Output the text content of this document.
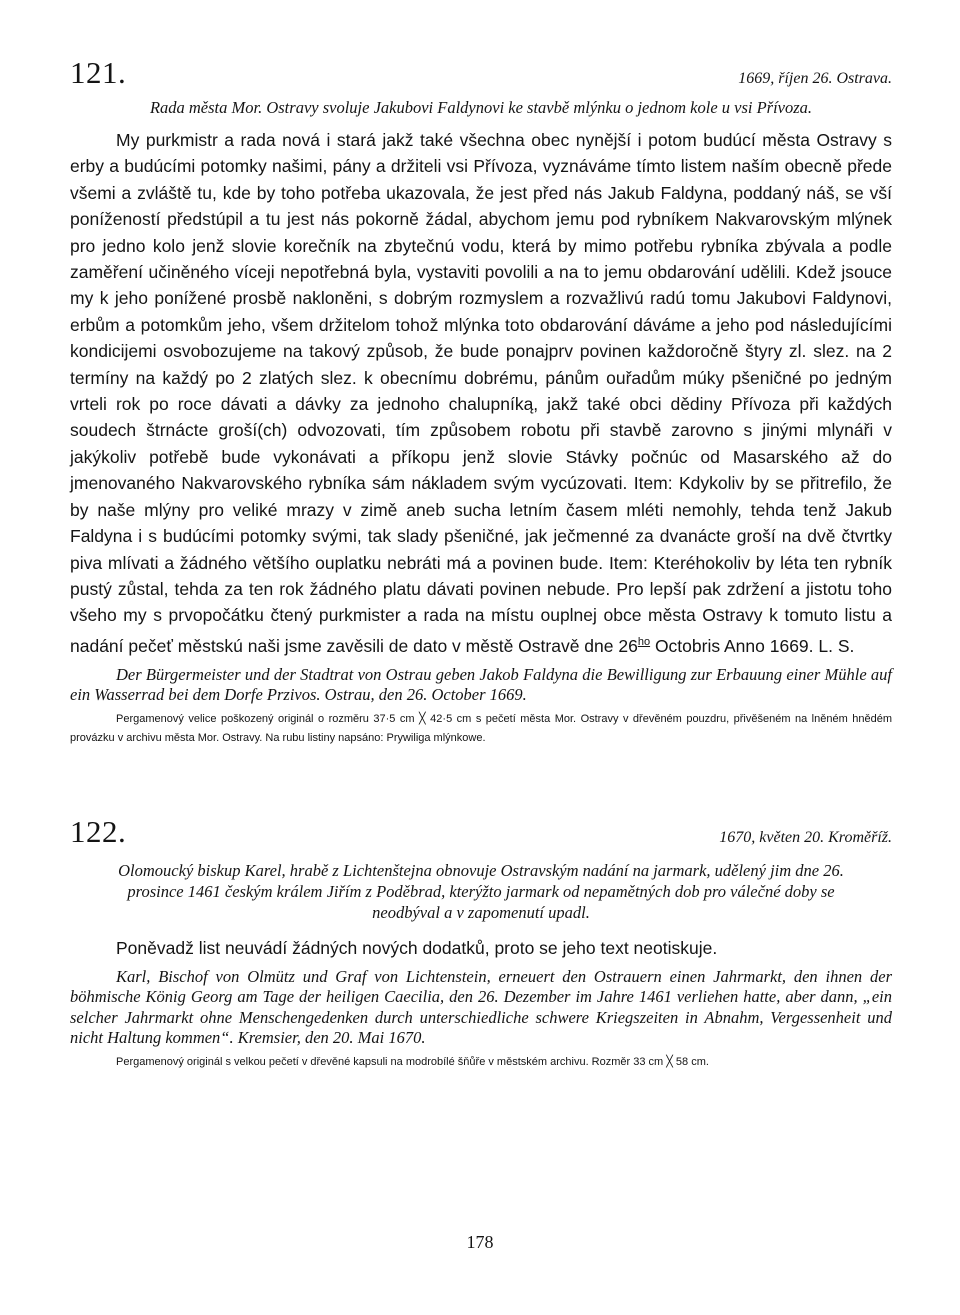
121.	1669, říjen 26. Ostrava.
Rada města Mor. Ostravy svoluje Jakubovi Faldynovi ke stavbě mlýnku o jednom kole u vsi Přívoza.

My purkmistr a rada nová i stará jakž také všechna obec nynější i potom budúcí města Ostravy s erby a budúcími potomky našimi, pány a držiteli vsi Přívoza, vyznáváme tímto listem naším obecně přede všemi a zvláště tu, kde by toho potřeba ukazovala, že jest před nás Jakub Faldyna, poddaný náš, se vší ponížeností předstúpil a tu jest nás pokorně žádal, abychom jemu pod rybníkem Nakvarovským mlýnek pro jedno kolo jenž slovie korečník na zbytečnú vodu, která by mimo potřebu rybníka zbývala a podle zaměření učiněného víceji nepotřebná byla, vystaviti povolili a na to jemu obdarování udělili. Kdež jsouce my k jeho ponížené prosbě nakloněni, s dobrým rozmyslem a rozvažlivú radú tomu Jakubovi Faldynovi, erbům a potomkům jeho, všem držitelom tohož mlýnka toto obdarování dáváme a jeho pod následujícími kondicijemi osvobozujeme na takový způsob, že bude ponajprv povinen každoročně štyry zl. slez. na 2 termíny na každý po 2 zlatých slez. k obecnímu dobrému, pánům ouřadům múky pšeničné po jedným vrteli rok po roce dávati a dávky za jednoho chalupníką, jakž také obci dědiny Přívoza při každých soudech štrnácte groší(ch) odvozovati, tím způsobem robotu při stavbě zarovno s jinými mlynáři v jakýkoliv potřebě bude vykonávati a příkopu jenž slovie Stávky počnúc od Masarského až do jmenovaného Nakvarovského rybníka sám nákladem svým vycúzovati. Item: Kdykoliv by se přitrefilo, že by naše mlýny pro veliké mrazy v zimě aneb sucha letním časem mléti nemohly, tehda tenž Jakub Faldyna i s budúcími potomky svými, tak slady pšeničné, jak ječmenné za dvanácte groší na dvě čtvrtky piva mlívati a žádného většího ouplatku nebráti má a povinen bude. Item: Kteréhokoliv by léta ten rybník pustý zůstal, tehda za ten rok žádného platu dávati povinen nebude. Pro lepší pak zdržení a jistotu toho všeho my s prvopočátku čtený purkmister a rada na místu ouplnej obce města Ostravy k tomuto listu a nadání pečeť městskú naši jsme zavěsili de dato v městě Ostravě dne $26^{ho}$ Octobris Anno 1669. L. S.

Der Bürgermeister und der Stadtrat von Ostrau geben Jakob Faldyna die Bewilligung zur Erbauung einer Mühle auf ein Wasserrad bei dem Dorfe Przivos. Ostrau, den 26. October 1669.

Pergamenový velice poškozený originál o rozměru 37·5 cm ╳ 42·5 cm s pečetí města Mor. Ostravy v dřevěném pouzdru, přivěšeném na lněném hnědém provázku v archivu města Mor. Ostravy. Na rubu listiny napsáno: Prywiliga mlýnkowe.

122.	1670, květen 20. Kroměříž.
Olomoucký biskup Karel, hrabě z Lichtenštejna obnovuje Ostravským nadání na jarmark, udělený jim dne 26. prosince 1461 českým králem Jiřím z Poděbrad, kterýžto jarmark od nepamětných dob pro válečné doby se neodbýval a v zapomenutí upadl.

Poněvadž list neuvádí žádných nových dodatků, proto se jeho text neotiskuje.

Karl, Bischof von Olmütz und Graf von Lichtenstein, erneuert den Ostrauern einen Jahrmarkt, den ihnen der böhmische König Georg am Tage der heiligen Caecilia, den 26. Dezember im Jahre 1461 verliehen hatte, aber dann, „ein selcher Jahrmarkt ohne Menschengedenken durch unterschiedliche schwere Kriegszeiten in Abnahm, Vergessenheit und nicht Haltung kommen“. Kremsier, den 20. Mai 1670.

Pergamenový originál s velkou pečetí v dřevěné kapsuli na modrobílé šňůře v městském archivu. Rozměr 33 cm ╳ 58 cm.

178
